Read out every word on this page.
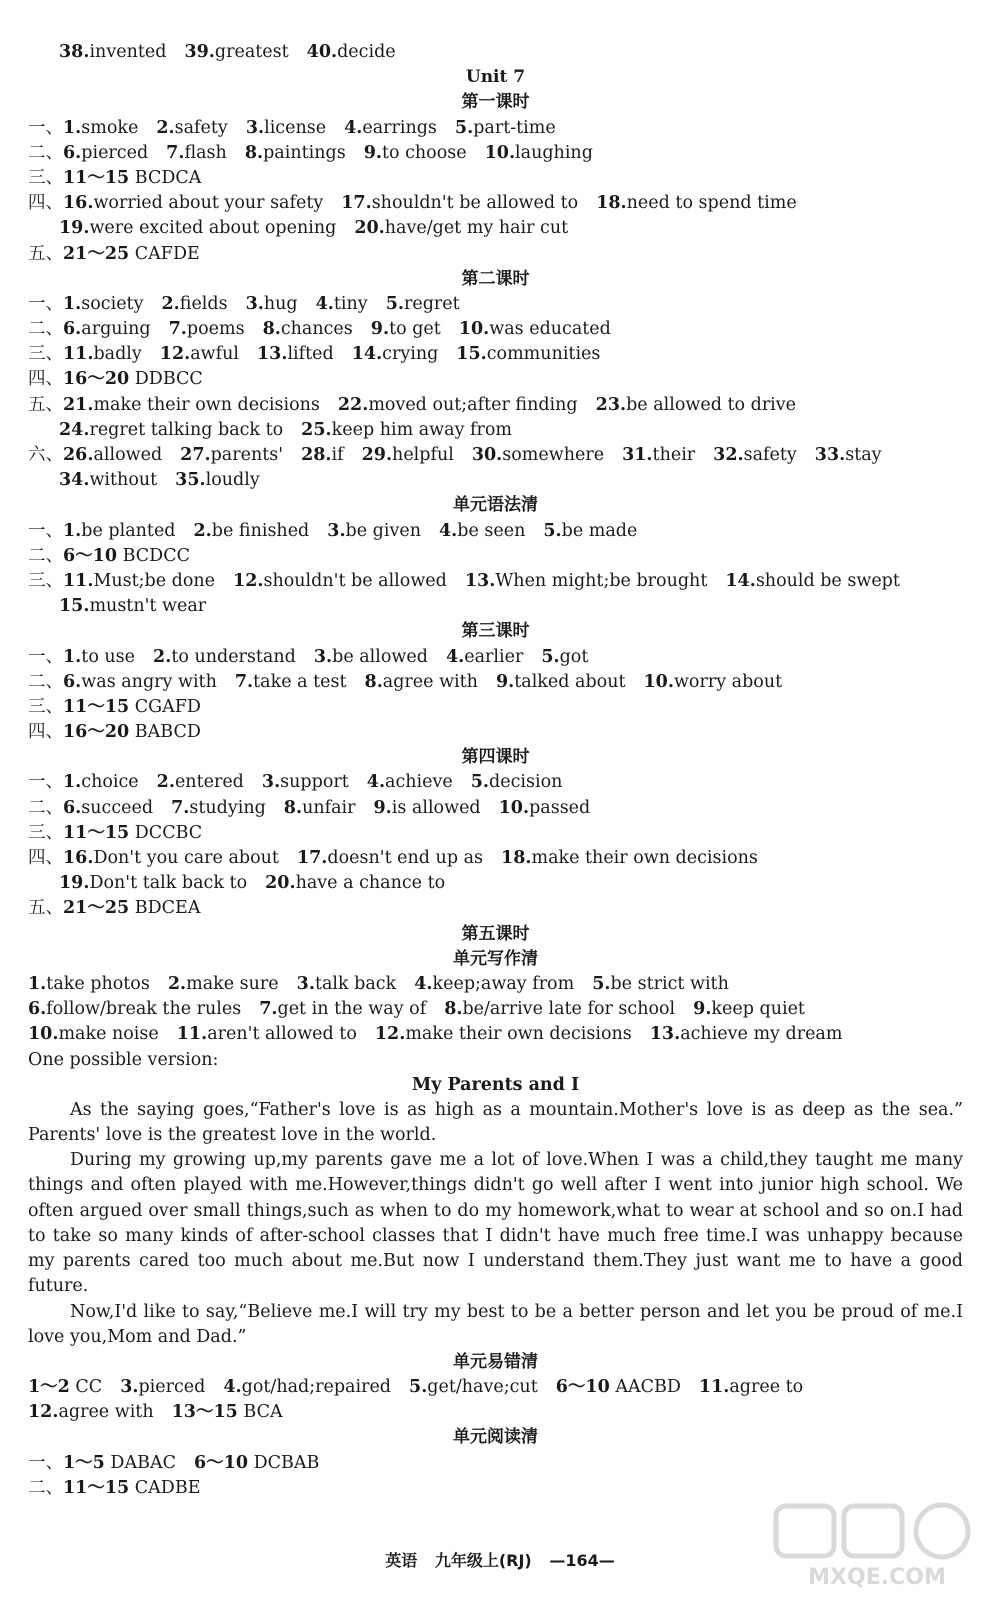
38.invented 39.greatest 40.decide
Unit 7
第一课时
一、1.smoke 2.safety 3.license 4.earrings 5.part-time
二、6.pierced 7.flash 8.paintings 9.to choose 10.laughing
三、11～15 BCDCA
四、16.worried about your safety 17.shouldn't be allowed to 18.need to spend time
19.were excited about opening 20.have/get my hair cut
五、21～25 CAFDE
第二课时
一、1.society 2.fields 3.hug 4.tiny 5.regret
二、6.arguing 7.poems 8.chances 9.to get 10.was educated
三、11.badly 12.awful 13.lifted 14.crying 15.communities
四、16～20 DDBCC
五、21.make their own decisions 22.moved out;after finding 23.be allowed to drive
24.regret talking back to 25.keep him away from
六、26.allowed 27.parents' 28.if 29.helpful 30.somewhere 31.their 32.safety 33.stay
34.without 35.loudly
单元语法清
一、1.be planted 2.be finished 3.be given 4.be seen 5.be made
二、6～10 BCDCC
三、11.Must;be done 12.shouldn't be allowed 13.When might;be brought 14.should be swept
15.mustn't wear
第三课时
一、1.to use 2.to understand 3.be allowed 4.earlier 5.got
二、6.was angry with 7.take a test 8.agree with 9.talked about 10.worry about
三、11～15 CGAFD
四、16～20 BABCD
第四课时
一、1.choice 2.entered 3.support 4.achieve 5.decision
二、6.succeed 7.studying 8.unfair 9.is allowed 10.passed
三、11～15 DCCBC
四、16.Don't you care about 17.doesn't end up as 18.make their own decisions
19.Don't talk back to 20.have a chance to
五、21～25 BDCEA
第五课时
单元写作清
1.take photos 2.make sure 3.talk back 4.keep;away from 5.be strict with
6.follow/break the rules 7.get in the way of 8.be/arrive late for school 9.keep quiet
10.make noise 11.aren't allowed to 12.make their own decisions 13.achieve my dream
One possible version:
My Parents and I

As the saying goes,“Father's love is as high as a mountain.Mother's love is as deep as the sea.” Parents' love is the greatest love in the world.

During my growing up,my parents gave me a lot of love.When I was a child,they taught me many things and often played with me.However,things didn't go well after I went into junior high school. We often argued over small things,such as when to do my homework,what to wear at school and so on.I had to take so many kinds of after-school classes that I didn't have much free time.I was unhappy because my parents cared too much about me.But now I understand them.They just want me to have a good future.

Now,I'd like to say,“Believe me.I will try my best to be a better person and let you be proud of me.I love you,Mom and Dad.”

单元易错清
1～2 CC 3.pierced 4.got/had;repaired 5.get/have;cut 6～10 AACBD 11.agree to
12.agree with 13～15 BCA
单元阅读清
一、1～5 DABAC 6～10 DCBAB
二、11～15 CADBE
英语 九年级上(RJ) —164—
MXQE.COM
